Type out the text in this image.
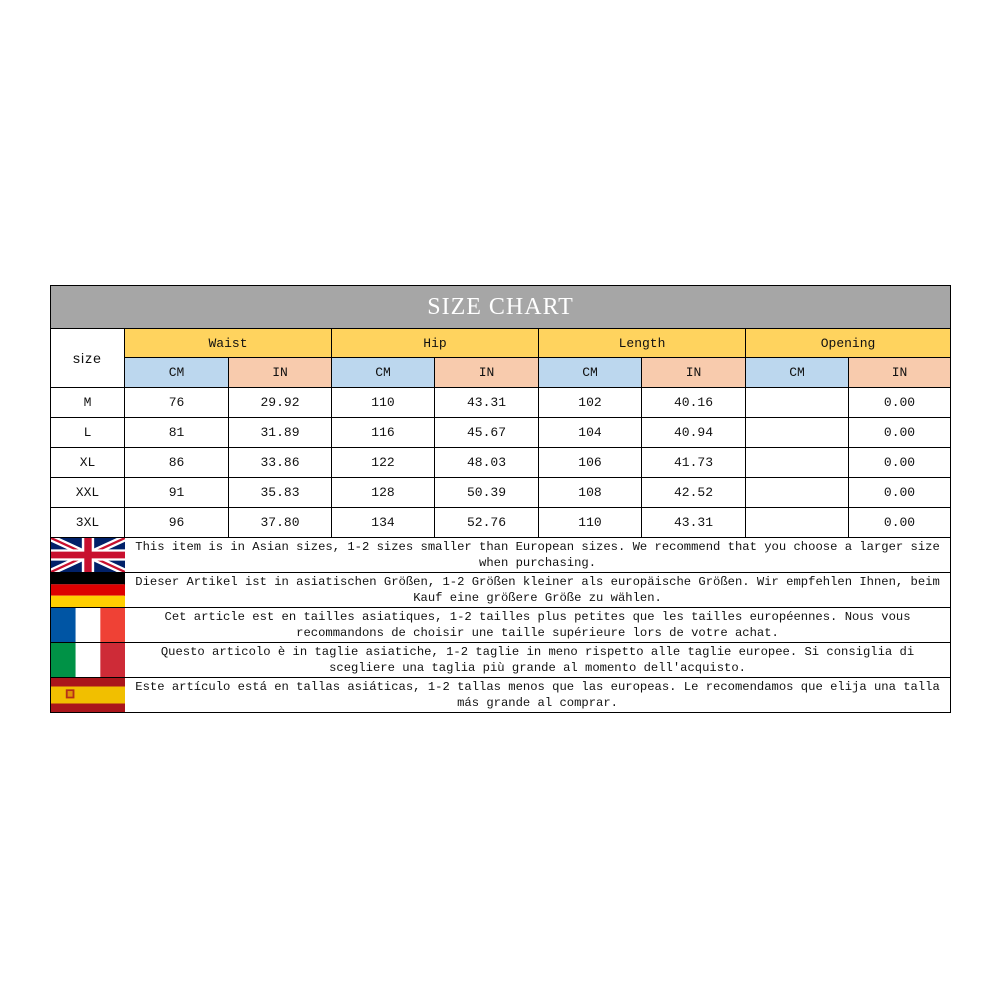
SIZE CHART								
size	Waist		Hip		Length		Opening	
	CM	IN	CM	IN	CM	IN	CM	IN
M	76	29.92	110	43.31	102	40.16		0.00
L	81	31.89	116	45.67	104	40.94		0.00
XL	86	33.86	122	48.03	106	41.73		0.00
XXL	91	35.83	128	50.39	108	42.52		0.00
3XL	96	37.80	134	52.76	110	43.31		0.00

	This item is in Asian sizes, 1-2 sizes smaller than European sizes. We recommend that you choose a larger size when purchasing.							

	Dieser Artikel ist in asiatischen Größen, 1-2 Größen kleiner als europäische Größen. Wir empfehlen Ihnen, beim Kauf eine größere Größe zu wählen.							

	Cet article est en tailles asiatiques, 1-2 tailles plus petites que les tailles européennes. Nous vous recommandons de choisir une taille supérieure lors de votre achat.							

	Questo articolo è in taglie asiatiche, 1-2 taglie in meno rispetto alle taglie europee. Si consiglia di scegliere una taglia più grande al momento dell'acquisto.							

	Este artículo está en tallas asiáticas, 1-2 tallas menos que las europeas. Le recomendamos que elija una talla más grande al comprar.							
